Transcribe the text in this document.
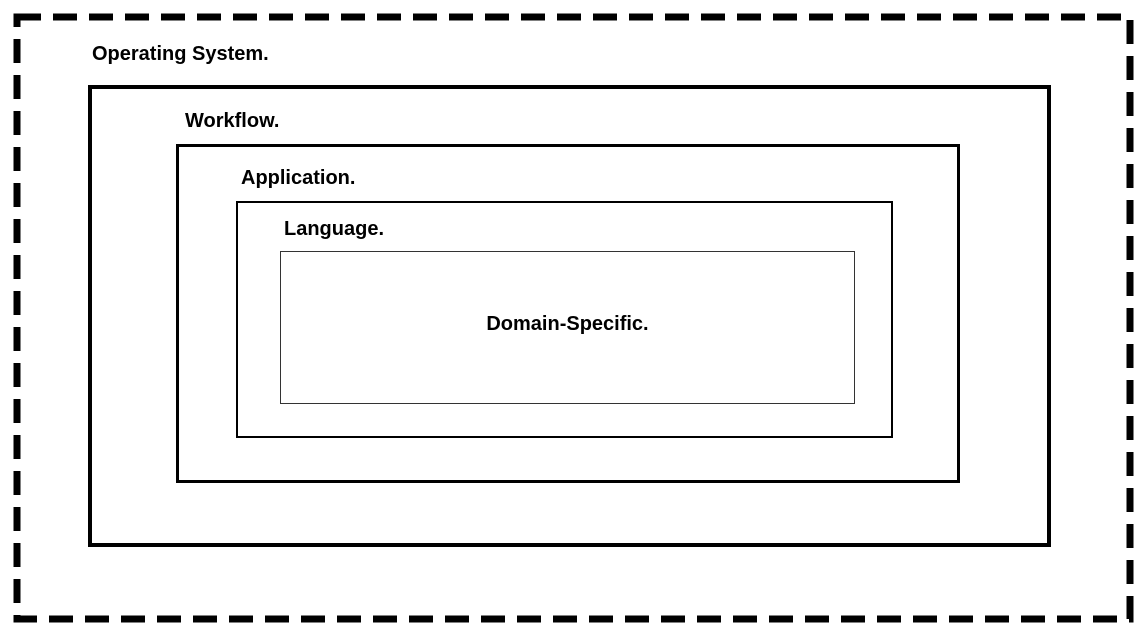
Operating System.
Workflow.
Application.
Language.
Domain-Specific.
